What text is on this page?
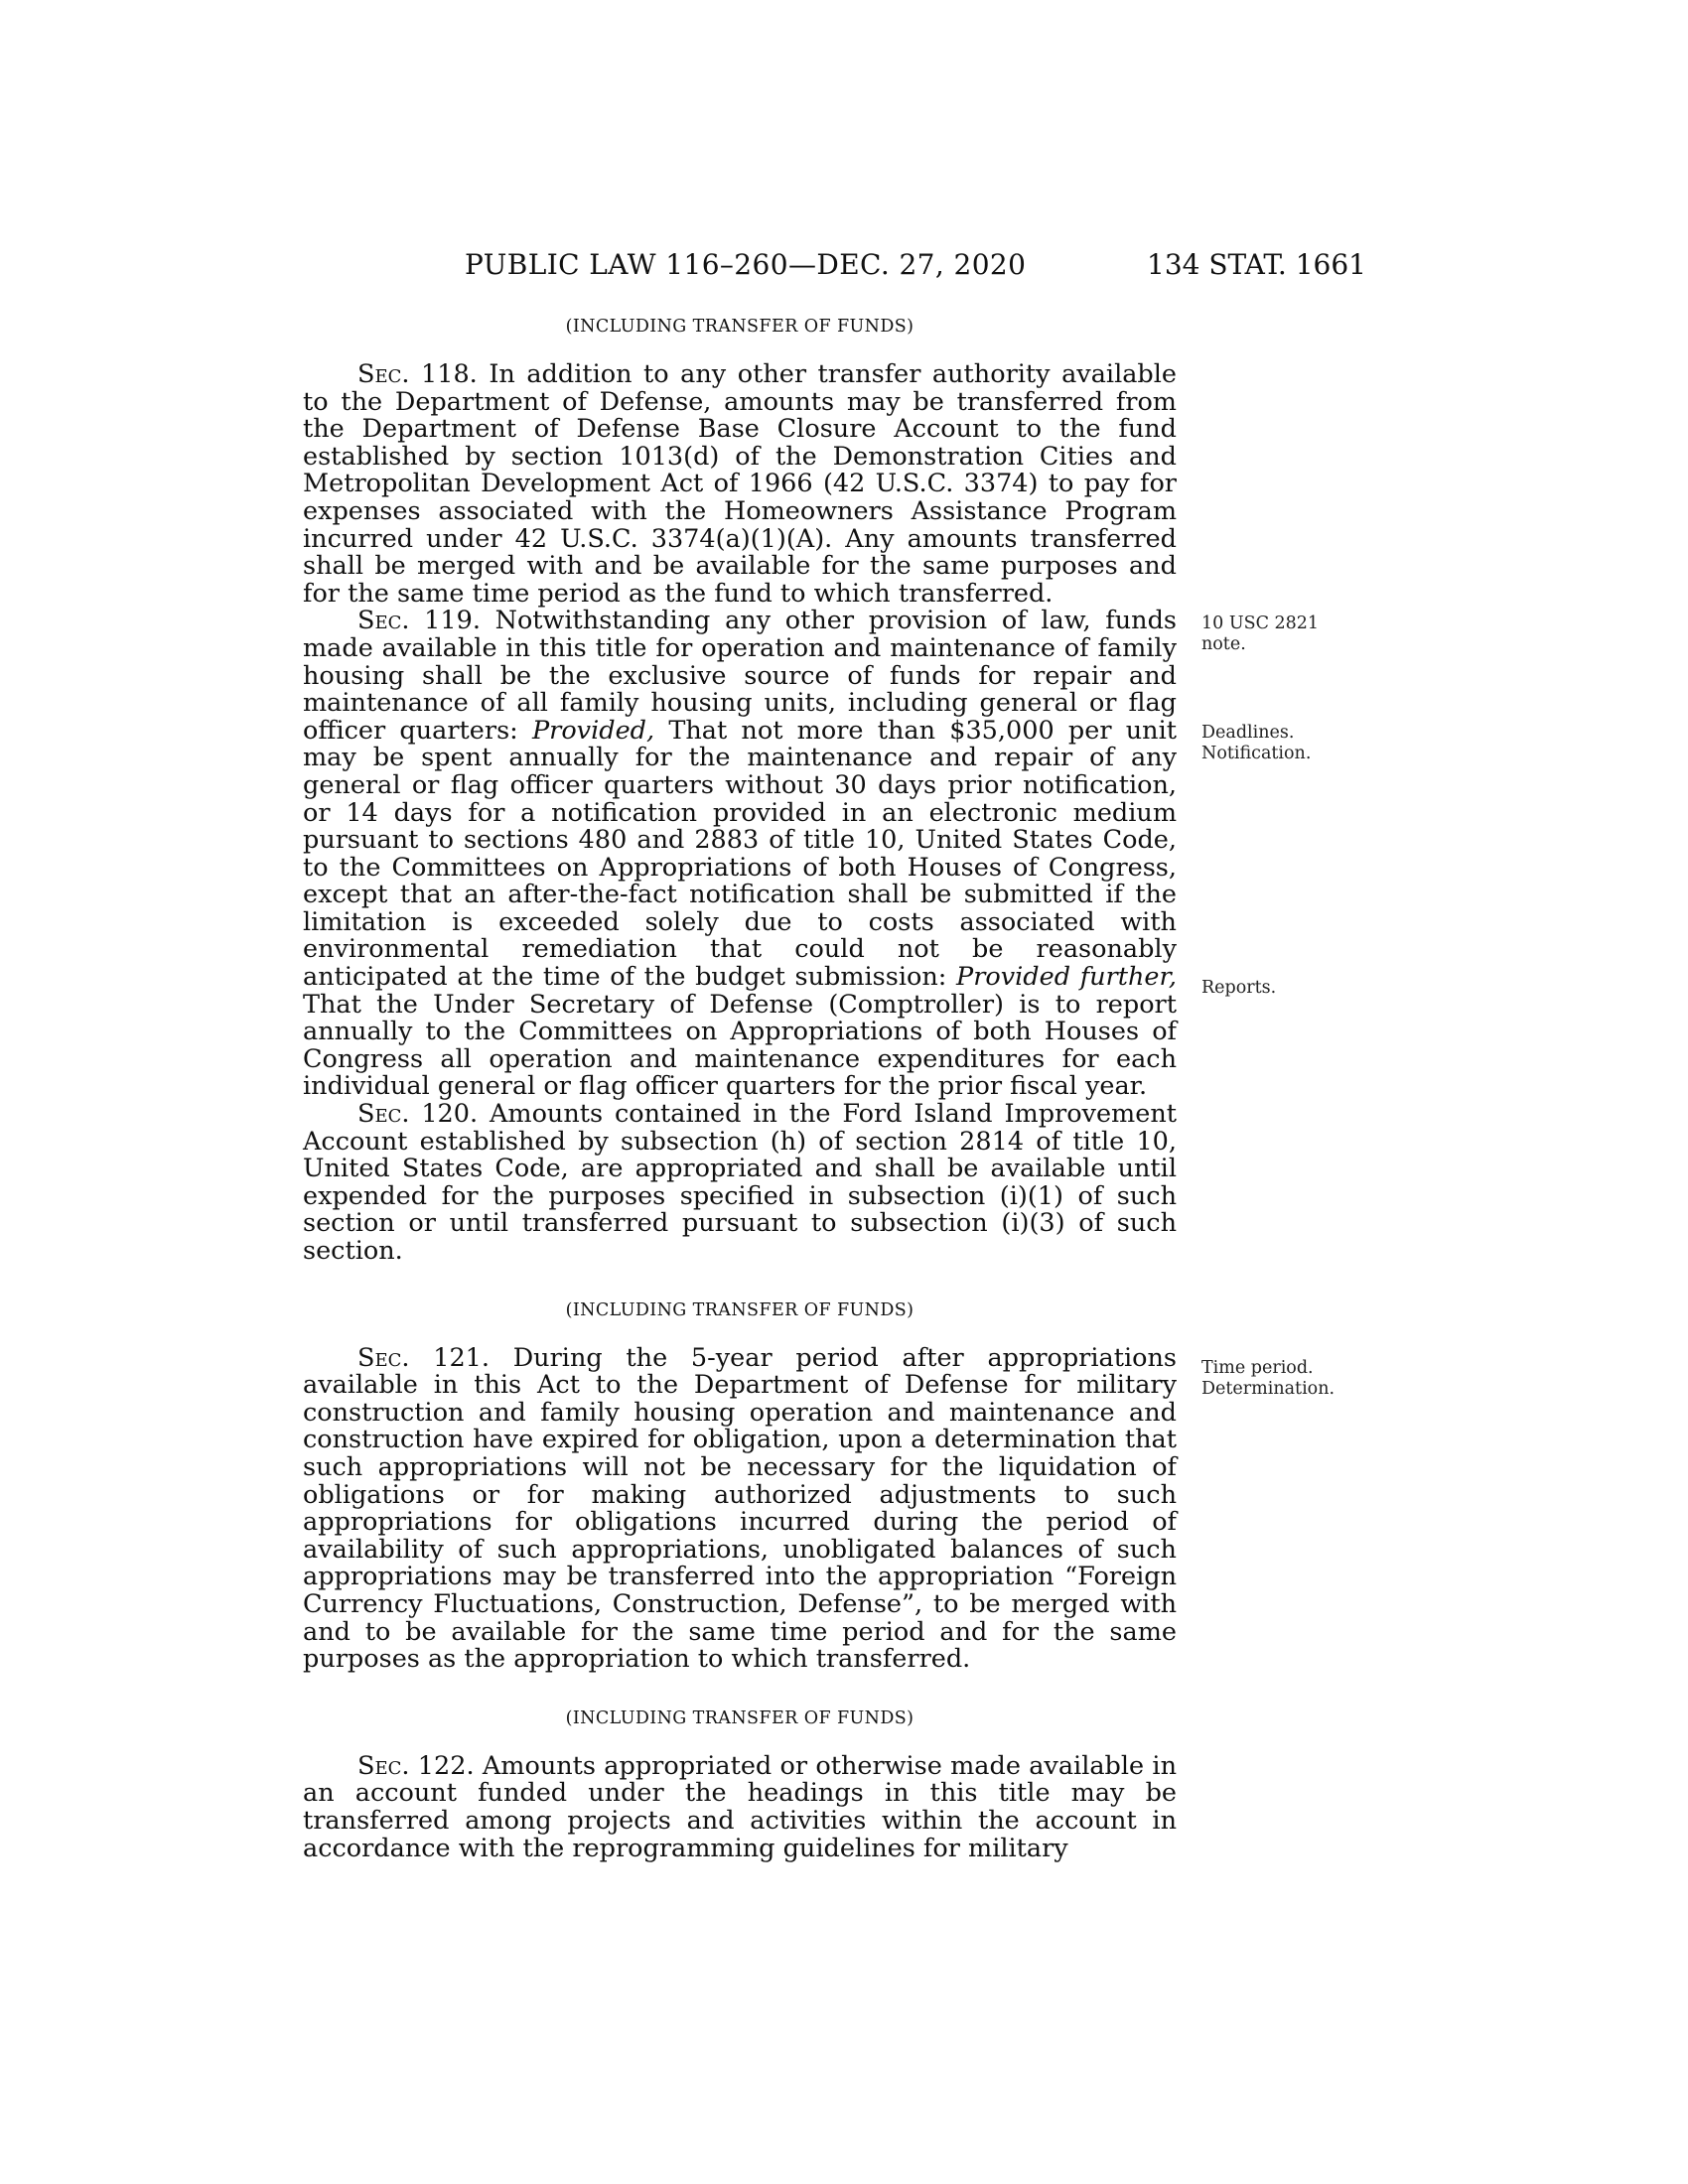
PUBLIC LAW 116–260—DEC. 27, 2020	134 STAT. 1661
(INCLUDING TRANSFER OF FUNDS)

Sec. 118. In addition to any other transfer authority available to the Department of Defense, amounts may be transferred from the Department of Defense Base Closure Account to the fund established by section 1013(d) of the Demonstration Cities and Metropolitan Development Act of 1966 (42 U.S.C. 3374) to pay for expenses associated with the Homeowners Assistance Program incurred under 42 U.S.C. 3374(a)(1)(A). Any amounts transferred shall be merged with and be available for the same purposes and for the same time period as the fund to which transferred.

Sec. 119. Notwithstanding any other provision of law, funds made available in this title for operation and maintenance of family housing shall be the exclusive source of funds for repair and maintenance of all family housing units, including general or flag officer quarters: Provided, That not more than $35,000 per unit may be spent annually for the maintenance and repair of any general or flag officer quarters without 30 days prior notification, or 14 days for a notification provided in an electronic medium pursuant to sections 480 and 2883 of title 10, United States Code, to the Committees on Appropriations of both Houses of Congress, except that an after-the-fact notification shall be submitted if the limitation is exceeded solely due to costs associated with environmental remediation that could not be reasonably anticipated at the time of the budget submission: Provided further, That the Under Secretary of Defense (Comptroller) is to report annually to the Committees on Appropriations of both Houses of Congress all operation and maintenance expenditures for each individual general or flag officer quarters for the prior fiscal year.

Sec. 120. Amounts contained in the Ford Island Improvement Account established by subsection (h) of section 2814 of title 10, United States Code, are appropriated and shall be available until expended for the purposes specified in subsection (i)(1) of such section or until transferred pursuant to subsection (i)(3) of such section.

(INCLUDING TRANSFER OF FUNDS)

Sec. 121. During the 5-year period after appropriations available in this Act to the Department of Defense for military construction and family housing operation and maintenance and construction have expired for obligation, upon a determination that such appropriations will not be necessary for the liquidation of obligations or for making authorized adjustments to such appropriations for obligations incurred during the period of availability of such appropriations, unobligated balances of such appropriations may be transferred into the appropriation “Foreign Currency Fluctuations, Construction, Defense”, to be merged with and to be available for the same time period and for the same purposes as the appropriation to which transferred.

(INCLUDING TRANSFER OF FUNDS)

Sec. 122. Amounts appropriated or otherwise made available in an account funded under the headings in this title may be transferred among projects and activities within the account in accordance with the reprogramming guidelines for military

10 USC 2821
note.
Deadlines.
Notification.
Reports.
Time period.
Determination.
